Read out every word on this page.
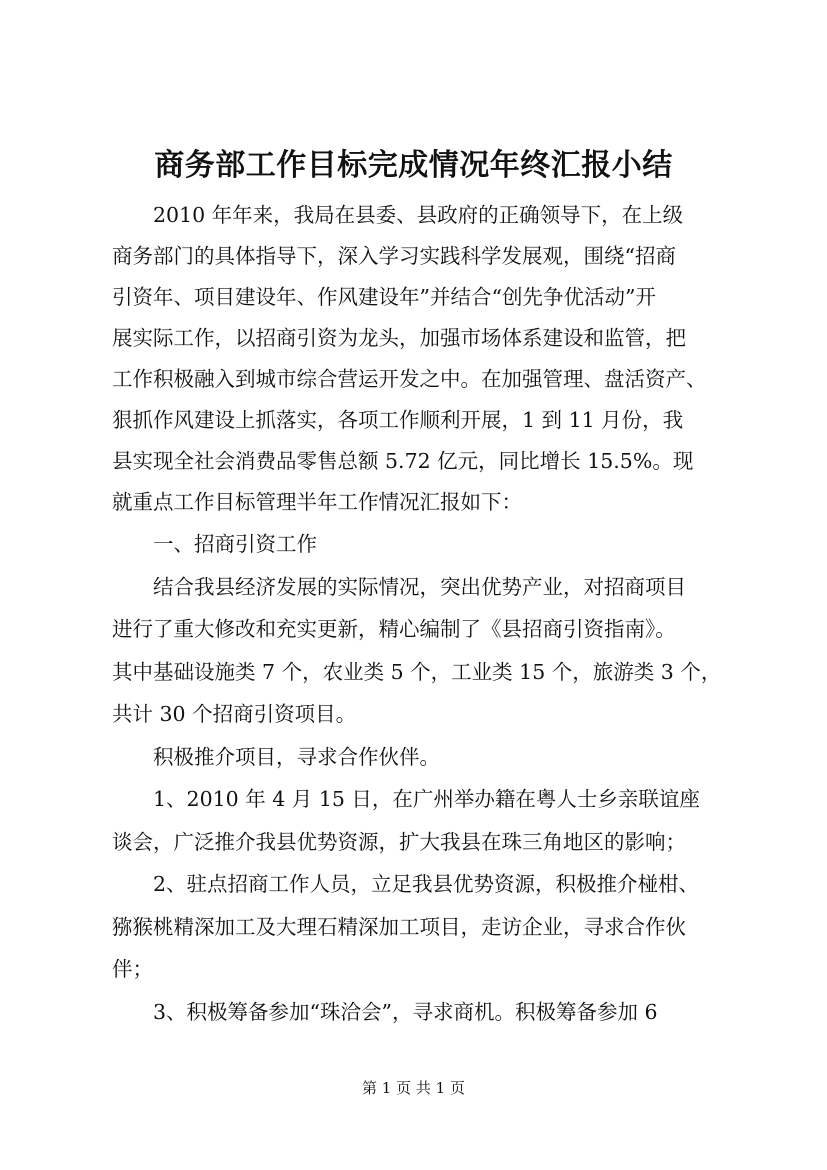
商务部工作目标完成情况年终汇报小结
　　2010 年年来，我局在县委、县政府的正确领导下，在上级
商务部门的具体指导下，深入学习实践科学发展观，围绕“招商
引资年、项目建设年、作风建设年”并结合“创先争优活动”开
展实际工作，以招商引资为龙头，加强市场体系建设和监管，把
工作积极融入到城市综合营运开发之中。在加强管理、盘活资产、
狠抓作风建设上抓落实，各项工作顺利开展，1 到 11 月份，我
县实现全社会消费品零售总额 5.72 亿元，同比增长 15.5%。现
就重点工作目标管理半年工作情况汇报如下：
　　一、招商引资工作
　　结合我县经济发展的实际情况，突出优势产业，对招商项目
进行了重大修改和充实更新，精心编制了《县招商引资指南》。
其中基础设施类 7 个，农业类 5 个，工业类 15 个，旅游类 3 个，
共计 30 个招商引资项目。
　　积极推介项目，寻求合作伙伴。
　　1、2010 年 4 月 15 日，在广州举办籍在粤人士乡亲联谊座
谈会，广泛推介我县优势资源，扩大我县在珠三角地区的影响；
　　2、驻点招商工作人员，立足我县优势资源，积极推介椪柑、
猕猴桃精深加工及大理石精深加工项目，走访企业，寻求合作伙
伴；
　　3、积极筹备参加“珠洽会”，寻求商机。积极筹备参加 6
第 1 页 共 1 页
